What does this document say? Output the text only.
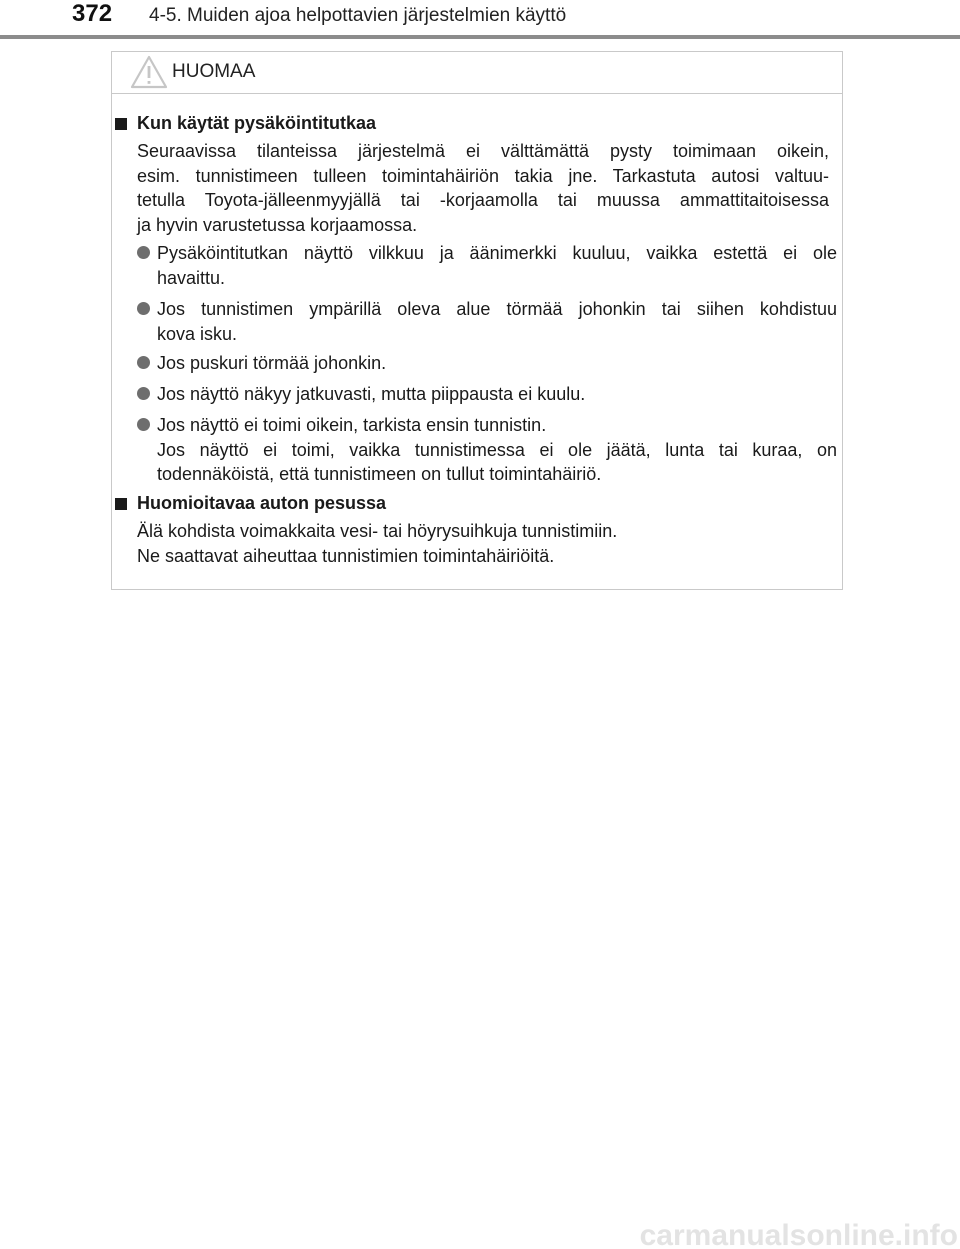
372 4-5. Muiden ajoa helpottavien järjestelmien käyttö
HUOMAA
Kun käytät pysäköintitutkaa
Seuraavissa tilanteissa järjestelmä ei välttämättä pysty toimimaan oikein,
esim. tunnistimeen tulleen toimintahäiriön takia jne. Tarkastuta autosi valtuu-
tetulla Toyota-jälleenmyyjällä tai -korjaamolla tai muussa ammattitaitoisessa
ja hyvin varustetussa korjaamossa.
Pysäköintitutkan näyttö vilkkuu ja äänimerkki kuuluu, vaikka estettä ei ole
havaittu.
Jos tunnistimen ympärillä oleva alue törmää johonkin tai siihen kohdistuu
kova isku.
Jos puskuri törmää johonkin.
Jos näyttö näkyy jatkuvasti, mutta piippausta ei kuulu.
Jos näyttö ei toimi oikein, tarkista ensin tunnistin.
Jos näyttö ei toimi, vaikka tunnistimessa ei ole jäätä, lunta tai kuraa, on
todennäköistä, että tunnistimeen on tullut toimintahäiriö.
Huomioitavaa auton pesussa
Älä kohdista voimakkaita vesi- tai höyrysuihkuja tunnistimiin.
Ne saattavat aiheuttaa tunnistimien toimintahäiriöitä.
carmanualsonline.info
